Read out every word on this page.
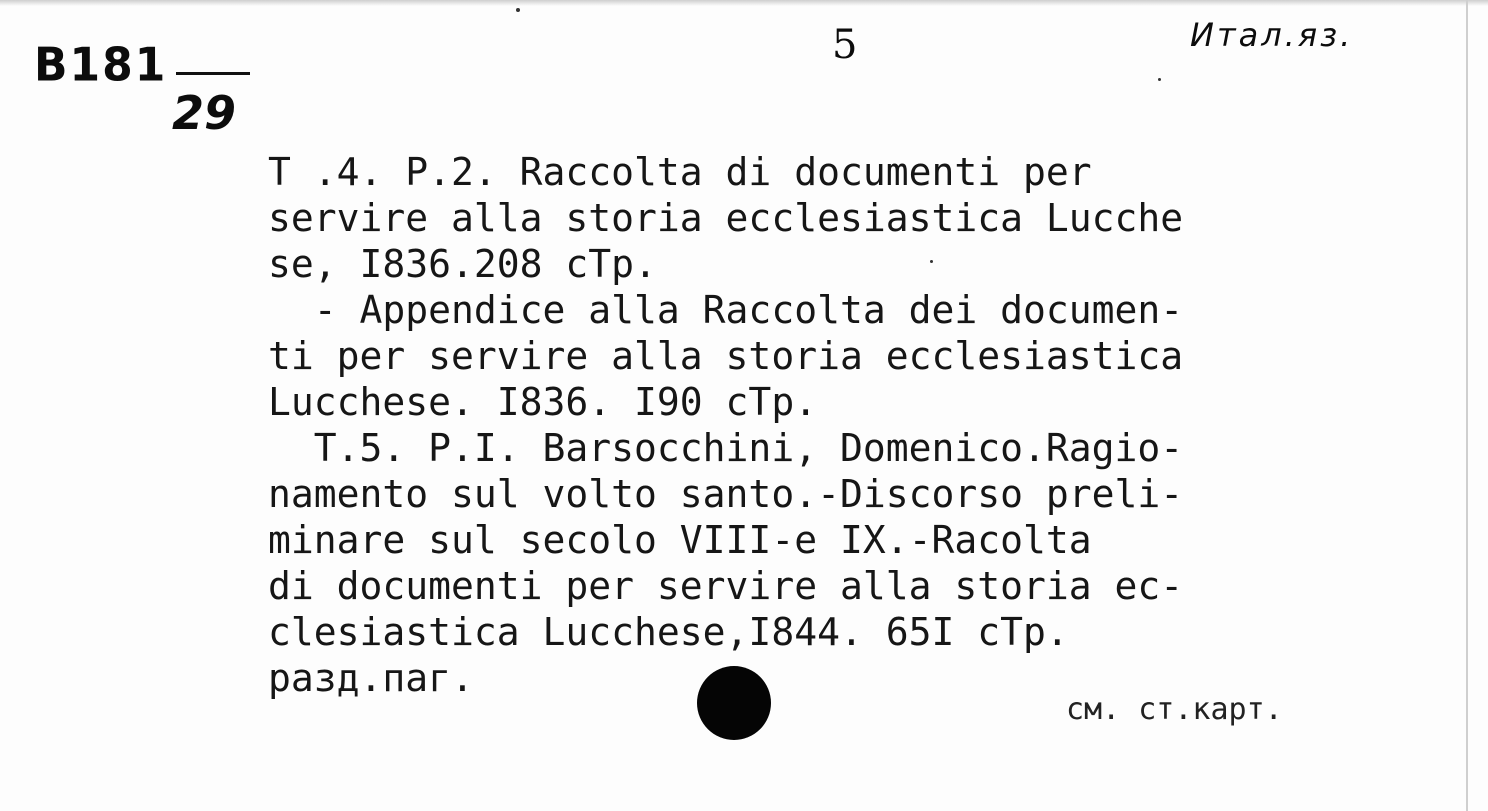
B181
29
5	Итал.яз.
T .4. P.2. Raccolta di documenti per
servire alla storia ecclesiastica Lucche
se, I836.208 cTp.
- Appendice alla Raccolta dei documen-
ti per servire alla storia ecclesiastica
Lucchese. I836. I90 cTp.
T.5. P.I. Barsocchini, Domenico.Ragio-
namento sul volto santo.-Discorso preli-
minare sul secolo VIII-e IX.-Racolta
di documenti per servire alla storia ec-
clesiastica Lucchese,I844. 65I cTp.
разд.паг.
см. ст.карт.
